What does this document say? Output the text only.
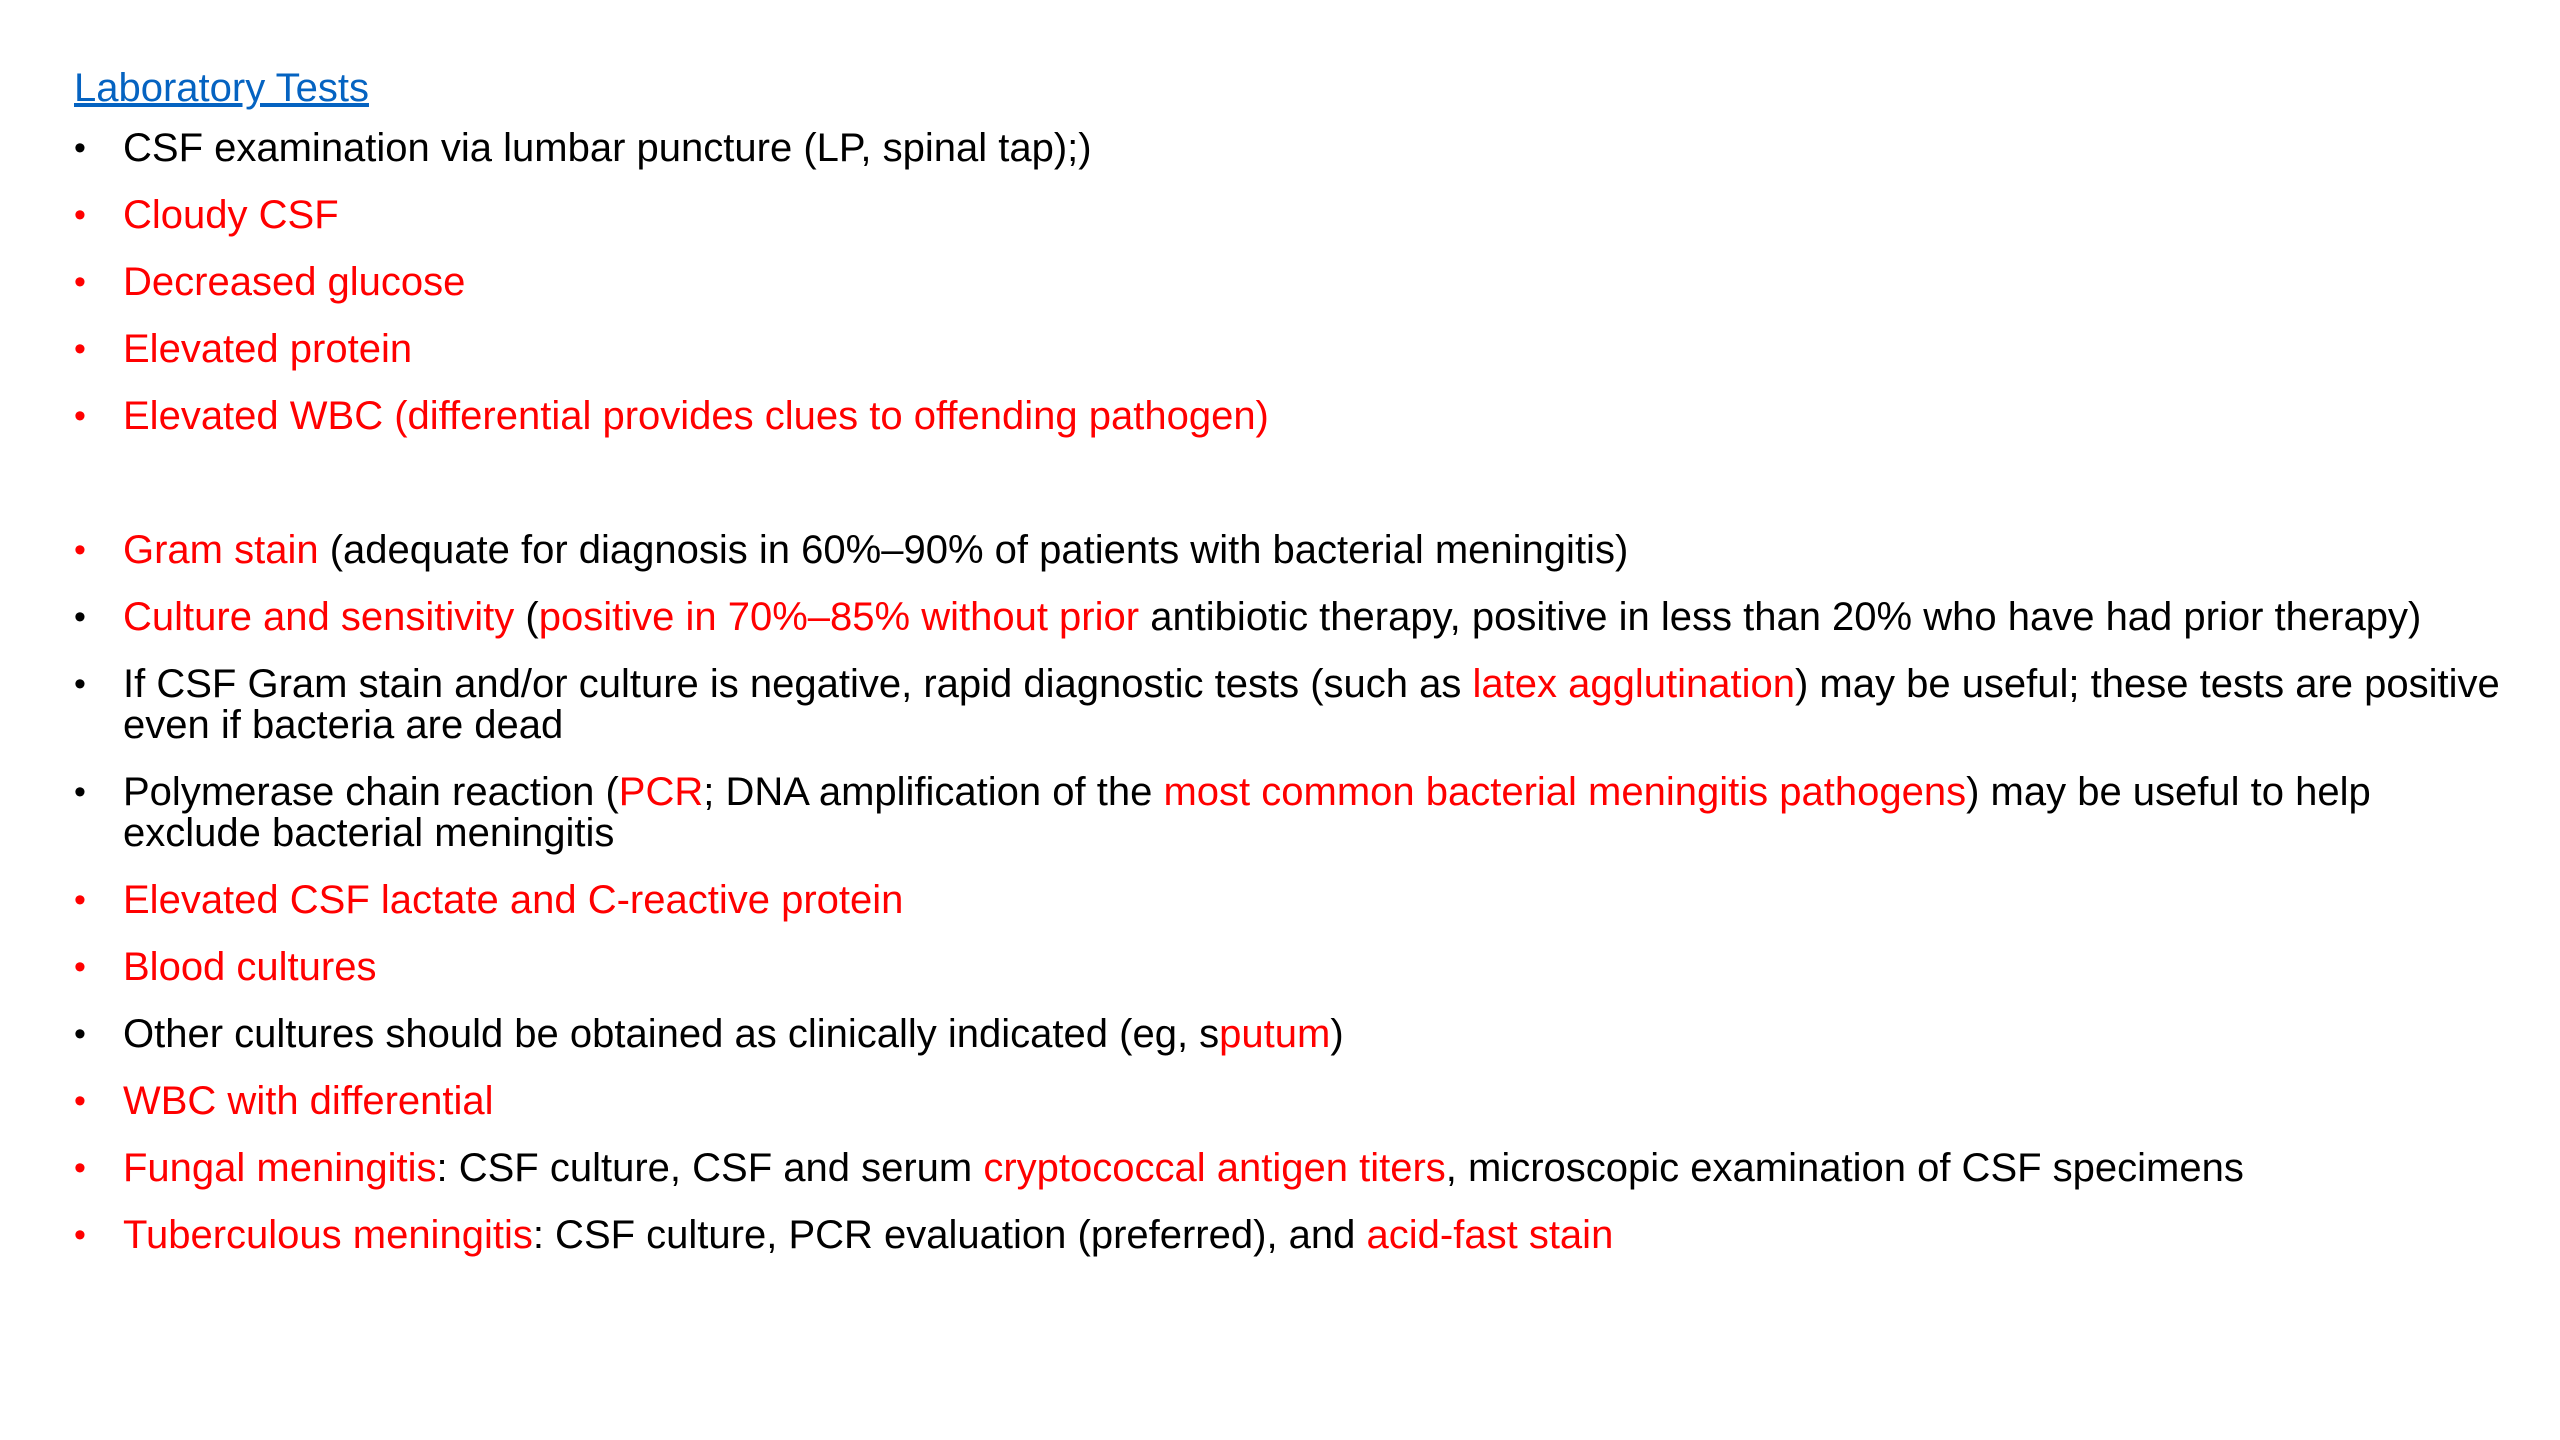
Laboratory Tests
• CSF examination via lumbar puncture (LP, spinal tap);)
• Cloudy CSF
• Decreased glucose
• Elevated protein
• Elevated WBC (differential provides clues to offending pathogen)
• Gram stain (adequate for diagnosis in 60%–90% of patients with bacterial meningitis)
• Culture and sensitivity (positive in 70%–85% without prior antibiotic therapy, positive in less than 20% who have had prior therapy)
• If CSF Gram stain and/or culture is negative, rapid diagnostic tests (such as latex agglutination) may be useful; these tests are positive even if bacteria are dead
• Polymerase chain reaction (PCR; DNA amplification of the most common bacterial meningitis pathogens) may be useful to help exclude bacterial meningitis
• Elevated CSF lactate and C-reactive protein
• Blood cultures
• Other cultures should be obtained as clinically indicated (eg, sputum)
• WBC with differential
• Fungal meningitis: CSF culture, CSF and serum cryptococcal antigen titers, microscopic examination of CSF specimens
• Tuberculous meningitis: CSF culture, PCR evaluation (preferred), and acid-fast stain
